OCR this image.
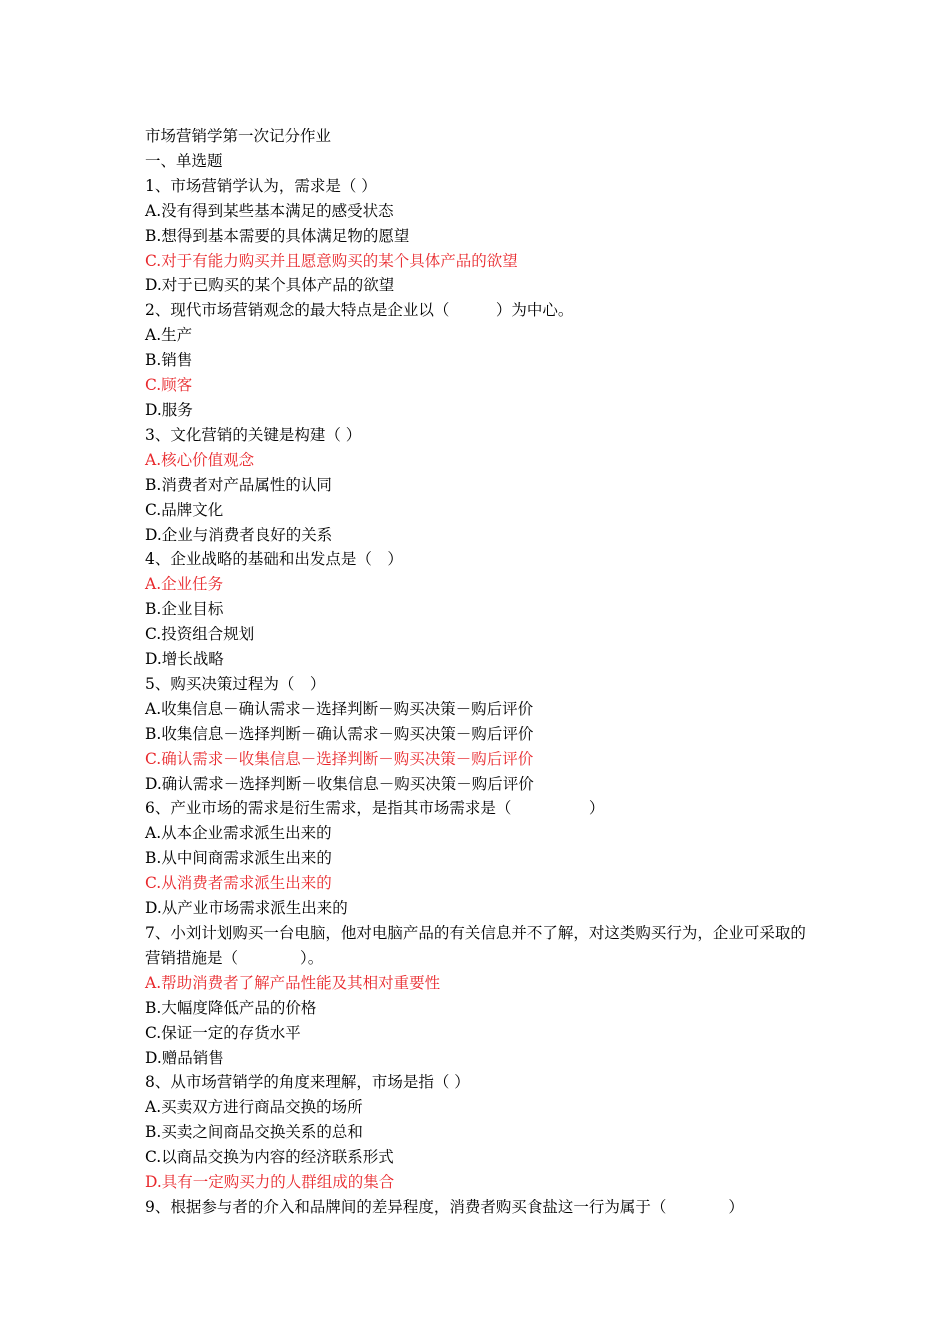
市场营销学第一次记分作业
一、单选题
1、市场营销学认为，需求是（ ）
A.没有得到某些基本满足的感受状态
B.想得到基本需要的具体满足物的愿望
C.对于有能力购买并且愿意购买的某个具体产品的欲望
D.对于已购买的某个具体产品的欲望
2、现代市场营销观念的最大特点是企业以（　　　）为中心。
A.生产
B.销售
C.顾客
D.服务
3、文化营销的关键是构建（ ）
A.核心价值观念
B.消费者对产品属性的认同
C.品牌文化
D.企业与消费者良好的关系
4、企业战略的基础和出发点是（　）
A.企业任务
B.企业目标
C.投资组合规划
D.增长战略
5、购买决策过程为（　）
A.收集信息－确认需求－选择判断－购买决策－购后评价
B.收集信息－选择判断－确认需求－购买决策－购后评价
C.确认需求－收集信息－选择判断－购买决策－购后评价
D.确认需求－选择判断－收集信息－购买决策－购后评价
6、产业市场的需求是衍生需求，是指其市场需求是（　　　　　）
A.从本企业需求派生出来的
B.从中间商需求派生出来的
C.从消费者需求派生出来的
D.从产业市场需求派生出来的
7、小刘计划购买一台电脑，他对电脑产品的有关信息并不了解，对这类购买行为，企业可采取的营销措施是（　　　　）。
A.帮助消费者了解产品性能及其相对重要性
B.大幅度降低产品的价格
C.保证一定的存货水平
D.赠品销售
8、从市场营销学的角度来理解，市场是指（ ）
A.买卖双方进行商品交换的场所
B.买卖之间商品交换关系的总和
C.以商品交换为内容的经济联系形式
D.具有一定购买力的人群组成的集合
9、根据参与者的介入和品牌间的差异程度，消费者购买食盐这一行为属于（　　　　）
